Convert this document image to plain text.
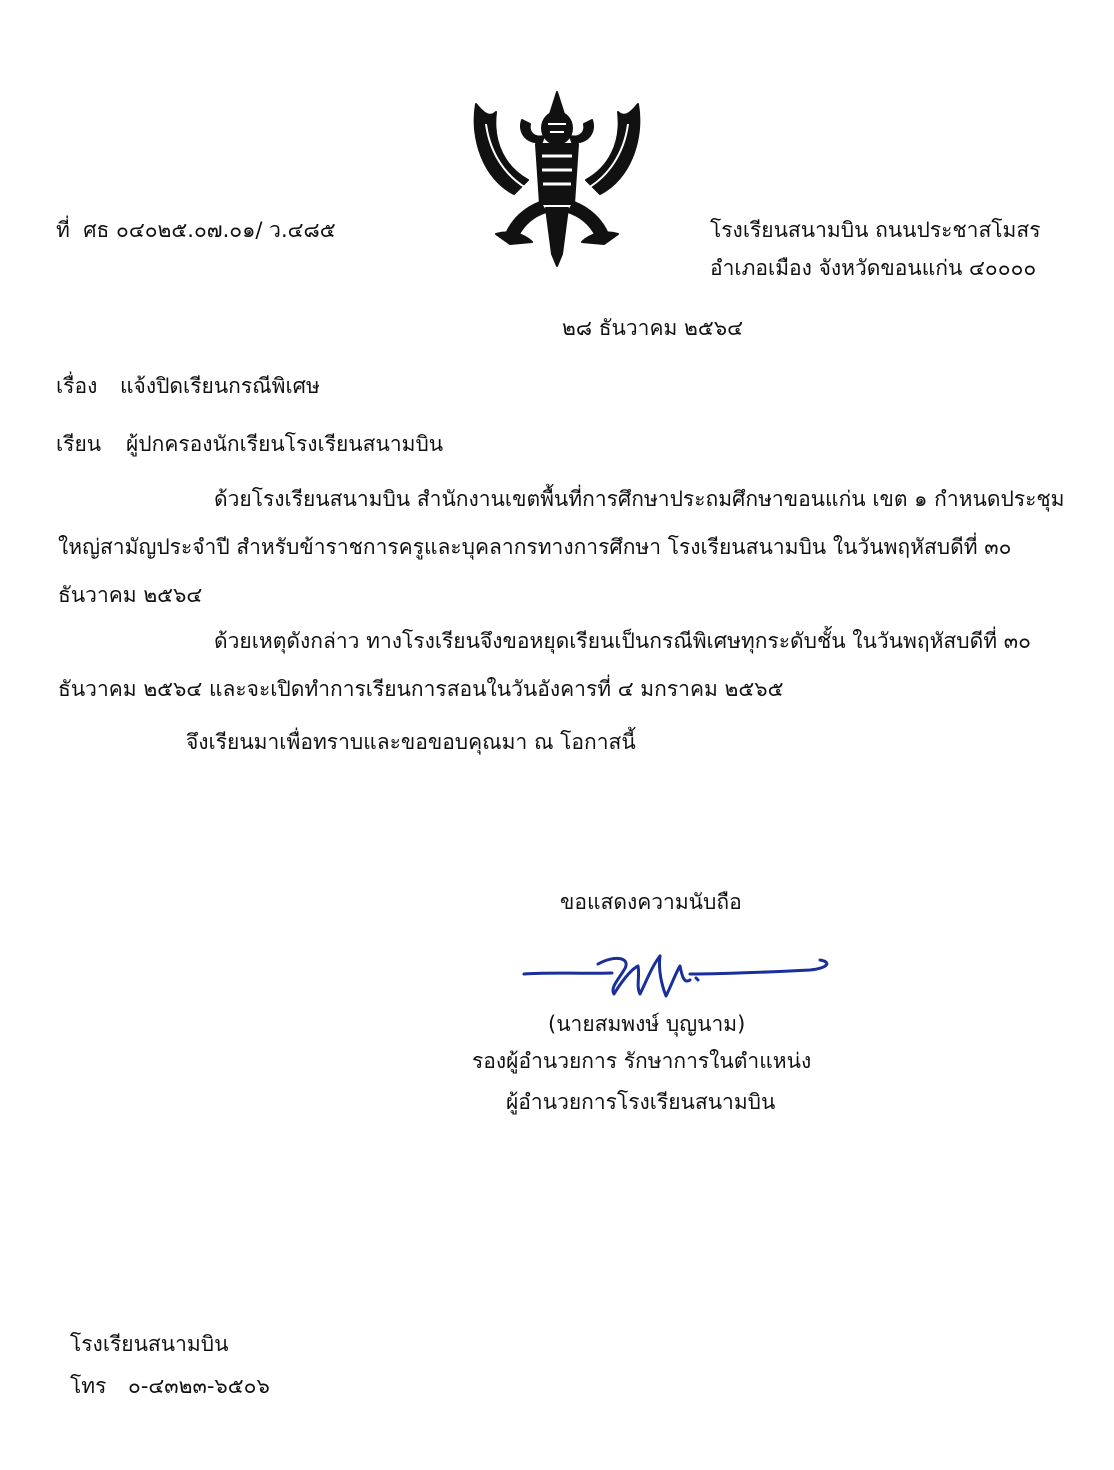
ที่ ศธ ๐๔๐๒๕.๐๗.๐๑/ ว.๔๘๕	โรงเรียนสนามบิน ถนนประชาสโมสร

อำเภอเมือง จังหวัดขอนแก่น ๔๐๐๐๐

๒๘ ธันวาคม ๒๕๖๔

เรื่อง แจ้งปิดเรียนกรณีพิเศษ

เรียน ผู้ปกครองนักเรียนโรงเรียนสนามบิน

ด้วยโรงเรียนสนามบิน สำนักงานเขตพื้นที่การศึกษาประถมศึกษาขอนแก่น เขต ๑ กำหนดประชุมใหญ่สามัญประจำปี สำหรับข้าราชการครูและบุคลากรทางการศึกษา โรงเรียนสนามบิน ในวันพฤหัสบดีที่ ๓๐ ธันวาคม ๒๕๖๔

ด้วยเหตุดังกล่าว ทางโรงเรียนจึงขอหยุดเรียนเป็นกรณีพิเศษทุกระดับชั้น ในวันพฤหัสบดีที่ ๓๐ ธันวาคม ๒๕๖๔ และจะเปิดทำการเรียนการสอนในวันอังคารที่ ๔ มกราคม ๒๕๖๕

จึงเรียนมาเพื่อทราบและขอขอบคุณมา ณ โอกาสนี้

ขอแสดงความนับถือ

(นายสมพงษ์ บุญนาม)

รองผู้อำนวยการ รักษาการในตำแหน่ง

ผู้อำนวยการโรงเรียนสนามบิน

โรงเรียนสนามบิน

โทร ๐-๔๓๒๓-๖๕๐๖
